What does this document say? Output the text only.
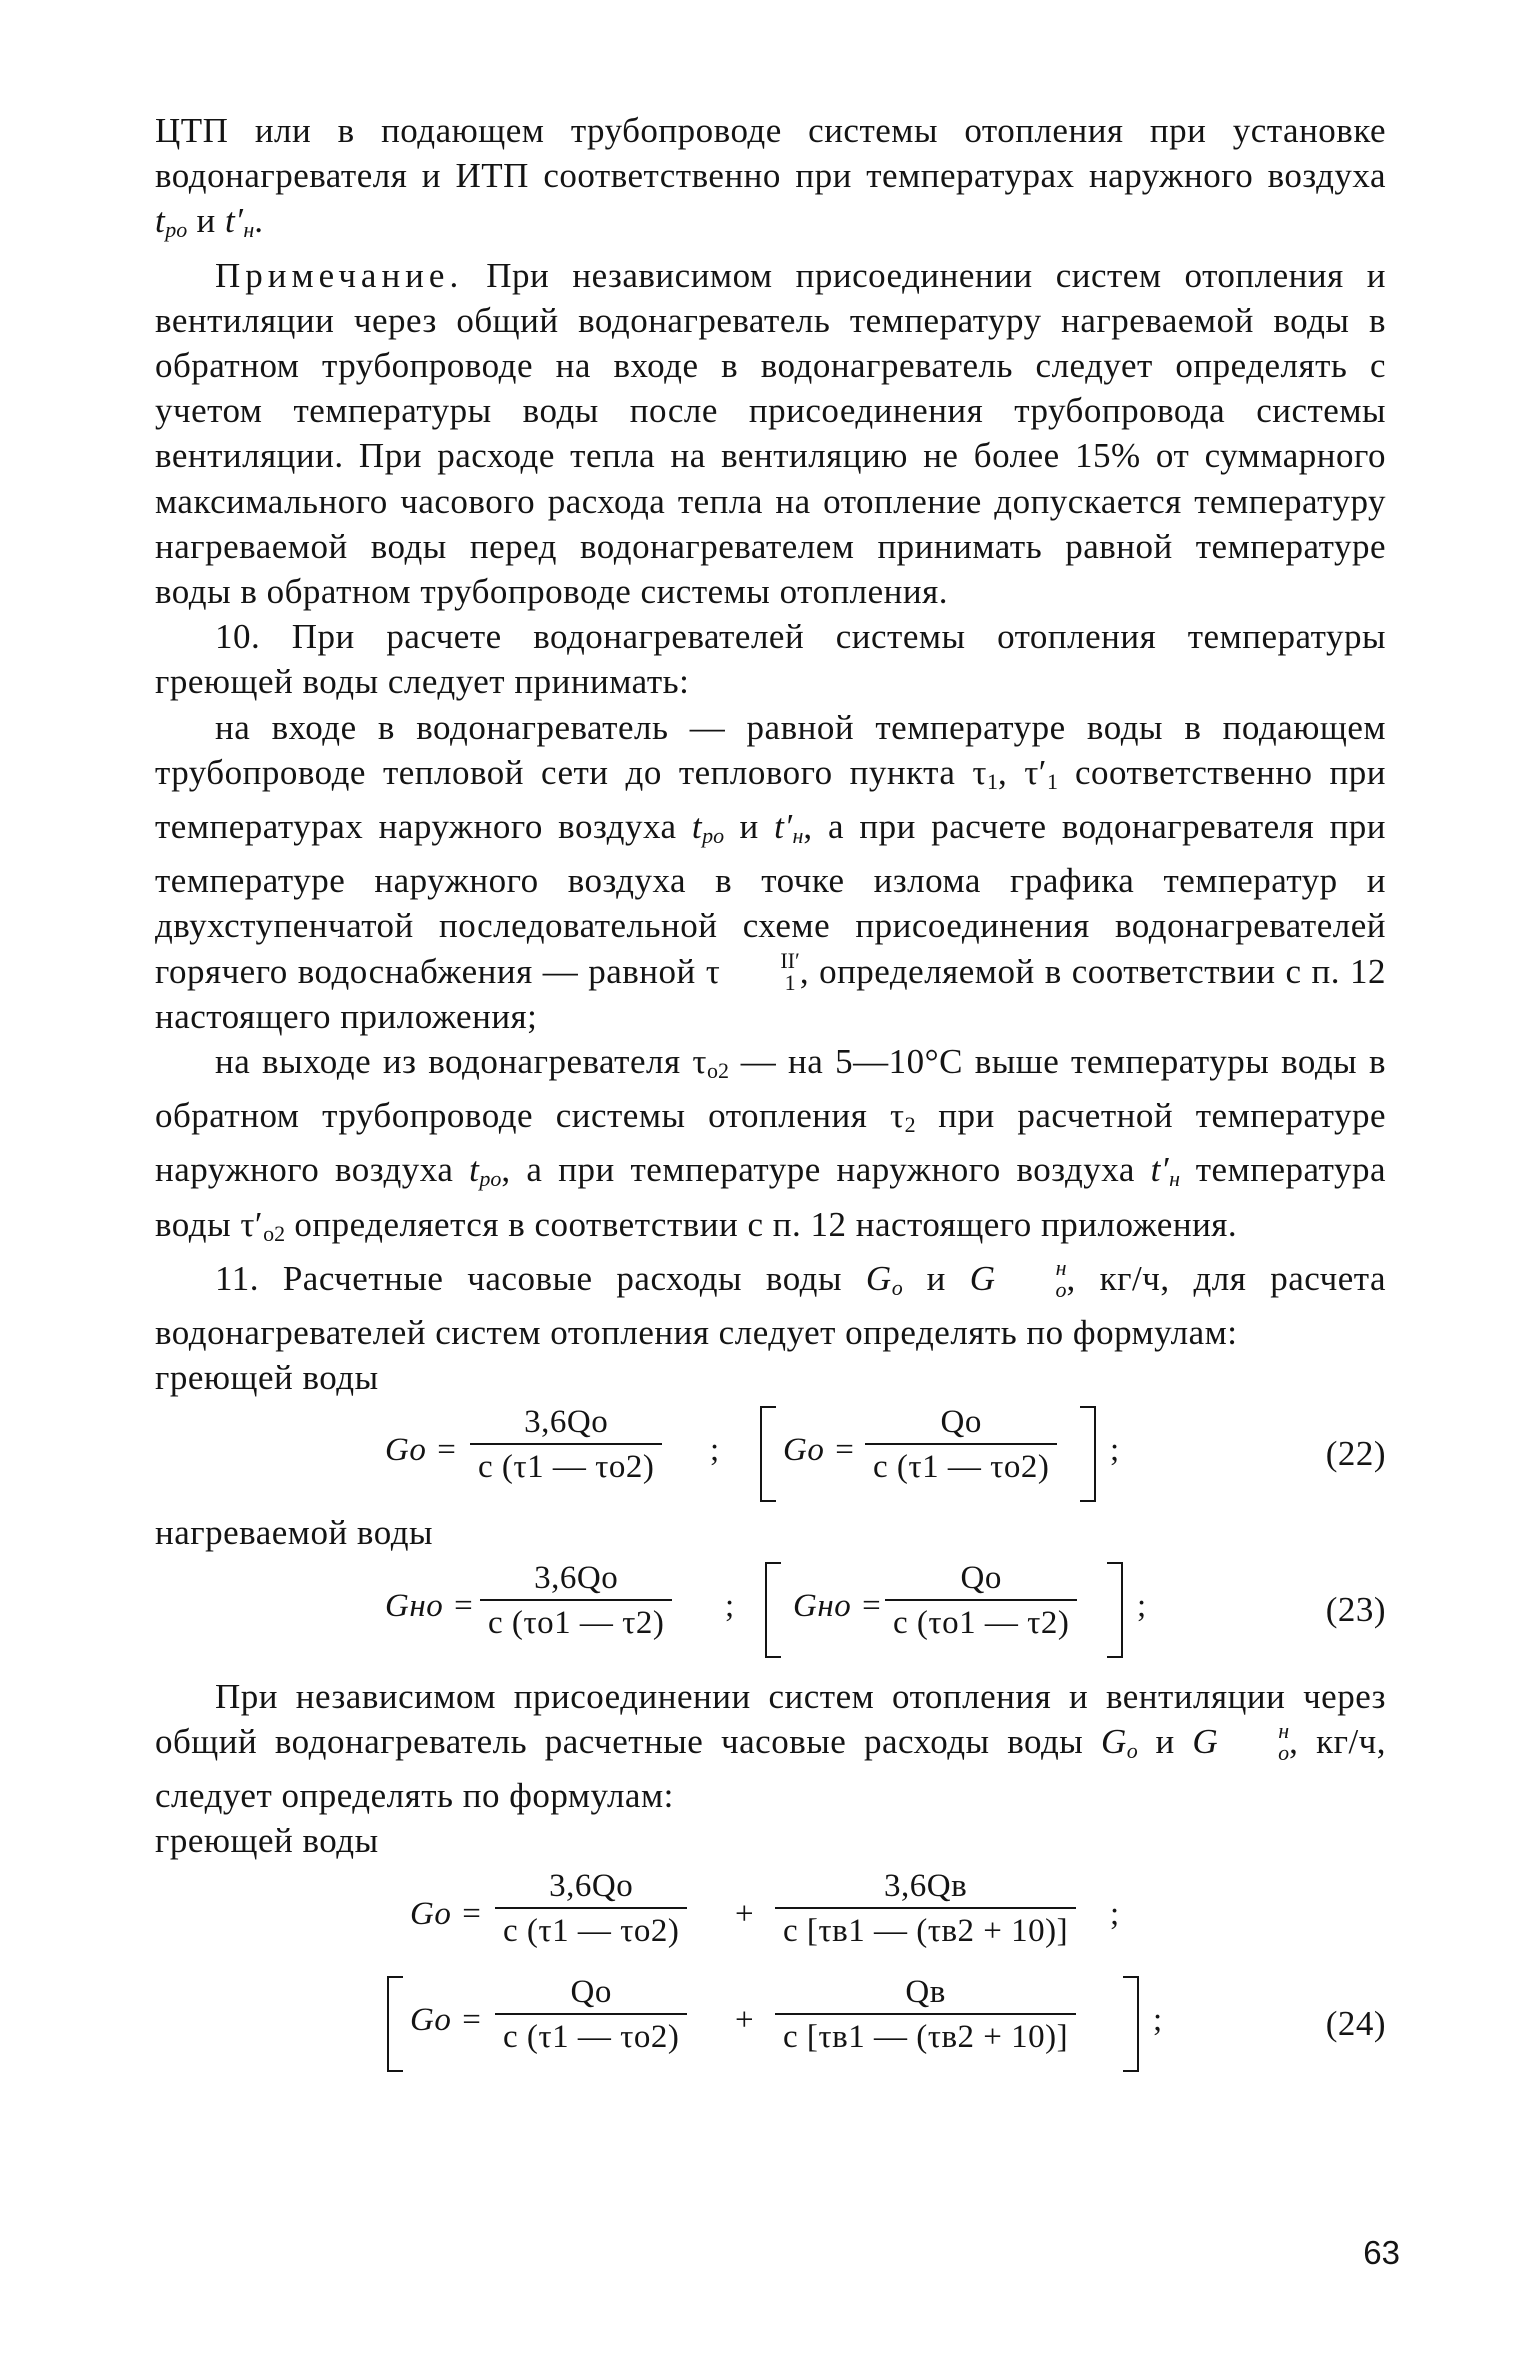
ЦТП или в подающем трубопроводе системы отопления при установке водонагревателя и ИТП соответственно при температурах наружного воздуха $t_{ро}$ и $t'_н$.

Примечание. При независимом присоединении систем отопления и вентиляции через общий водонагреватель температуру нагреваемой воды в обратном трубопроводе на входе в водонагреватель следует определять с учетом температуры воды после присоединения трубопровода системы вентиляции. При расходе тепла на вентиляцию не более 15% от суммарного максимального часового расхода тепла на отопление допускается температуру нагреваемой воды перед водонагревателем принимать равной температуре воды в обратном трубопроводе системы отопления.

10. При расчете водонагревателей системы отопления температуры греющей воды следует принимать:

на входе в водонагреватель — равной температуре воды в подающем трубопроводе тепловой сети до теплового пункта $\tau_1$, $\tau'_1$ соответственно при температурах наружного воздуха $t_{ро}$ и $t'_н$, а при расчете водонагревателя при температуре наружного воздуха в точке излома графика температур и двухступенчатой последовательной схеме присоединения водонагревателей горячего водоснабжения — равной τ	II′
1 , определяемой в соответствии с п. 12 настоящего приложения;

на выходе из водонагревателя $\tau_{о2}$ — на 5—10°С выше температуры воды в обратном трубопроводе системы отопления $\tau_2$ при расчетной температуре наружного воздуха $t_{ро}$, а при температуре наружного воздуха $t'_н$ температура воды $\tau'_{о2}$ определяется в соответствии с п. 12 настоящего приложения.

11. Расчетные часовые расходы воды $G_о$ и G	н
о , кг/ч, для расчета водонагревателей систем отопления следует определять по формулам:

греющей воды

Gо = $\frac{3,6Qо}{c (\tau 1 — \tau о2)}$ ; Gо = $\frac{Qо}{c (\tau 1 — \tau о2)}$ ;	(22)

нагреваемой воды

Gнo = $\frac{3,6Qо}{c (\tau о1 — \tau 2)}$ ; Gнo = $\frac{Qо}{c (\tau о1 — \tau 2)}$ ;	(23)

При независимом присоединении систем отопления и вентиляции через общий водонагреватель расчетные часовые расходы воды $G_о$ и G	н
о , кг/ч, следует определять по формулам:

греющей воды

Gо = $\frac{3,6Qо}{c (\tau 1 — \tau о2)} + \frac{3,6Qв}{c [\tau в1 — (\tau в2 + 10)]}$ ;
Gо = $\frac{Qо}{c (\tau 1 — \tau о2)} + \frac{Qв}{c [\tau в1 — (\tau в2 + 10)]}$ ;	(24)
63
